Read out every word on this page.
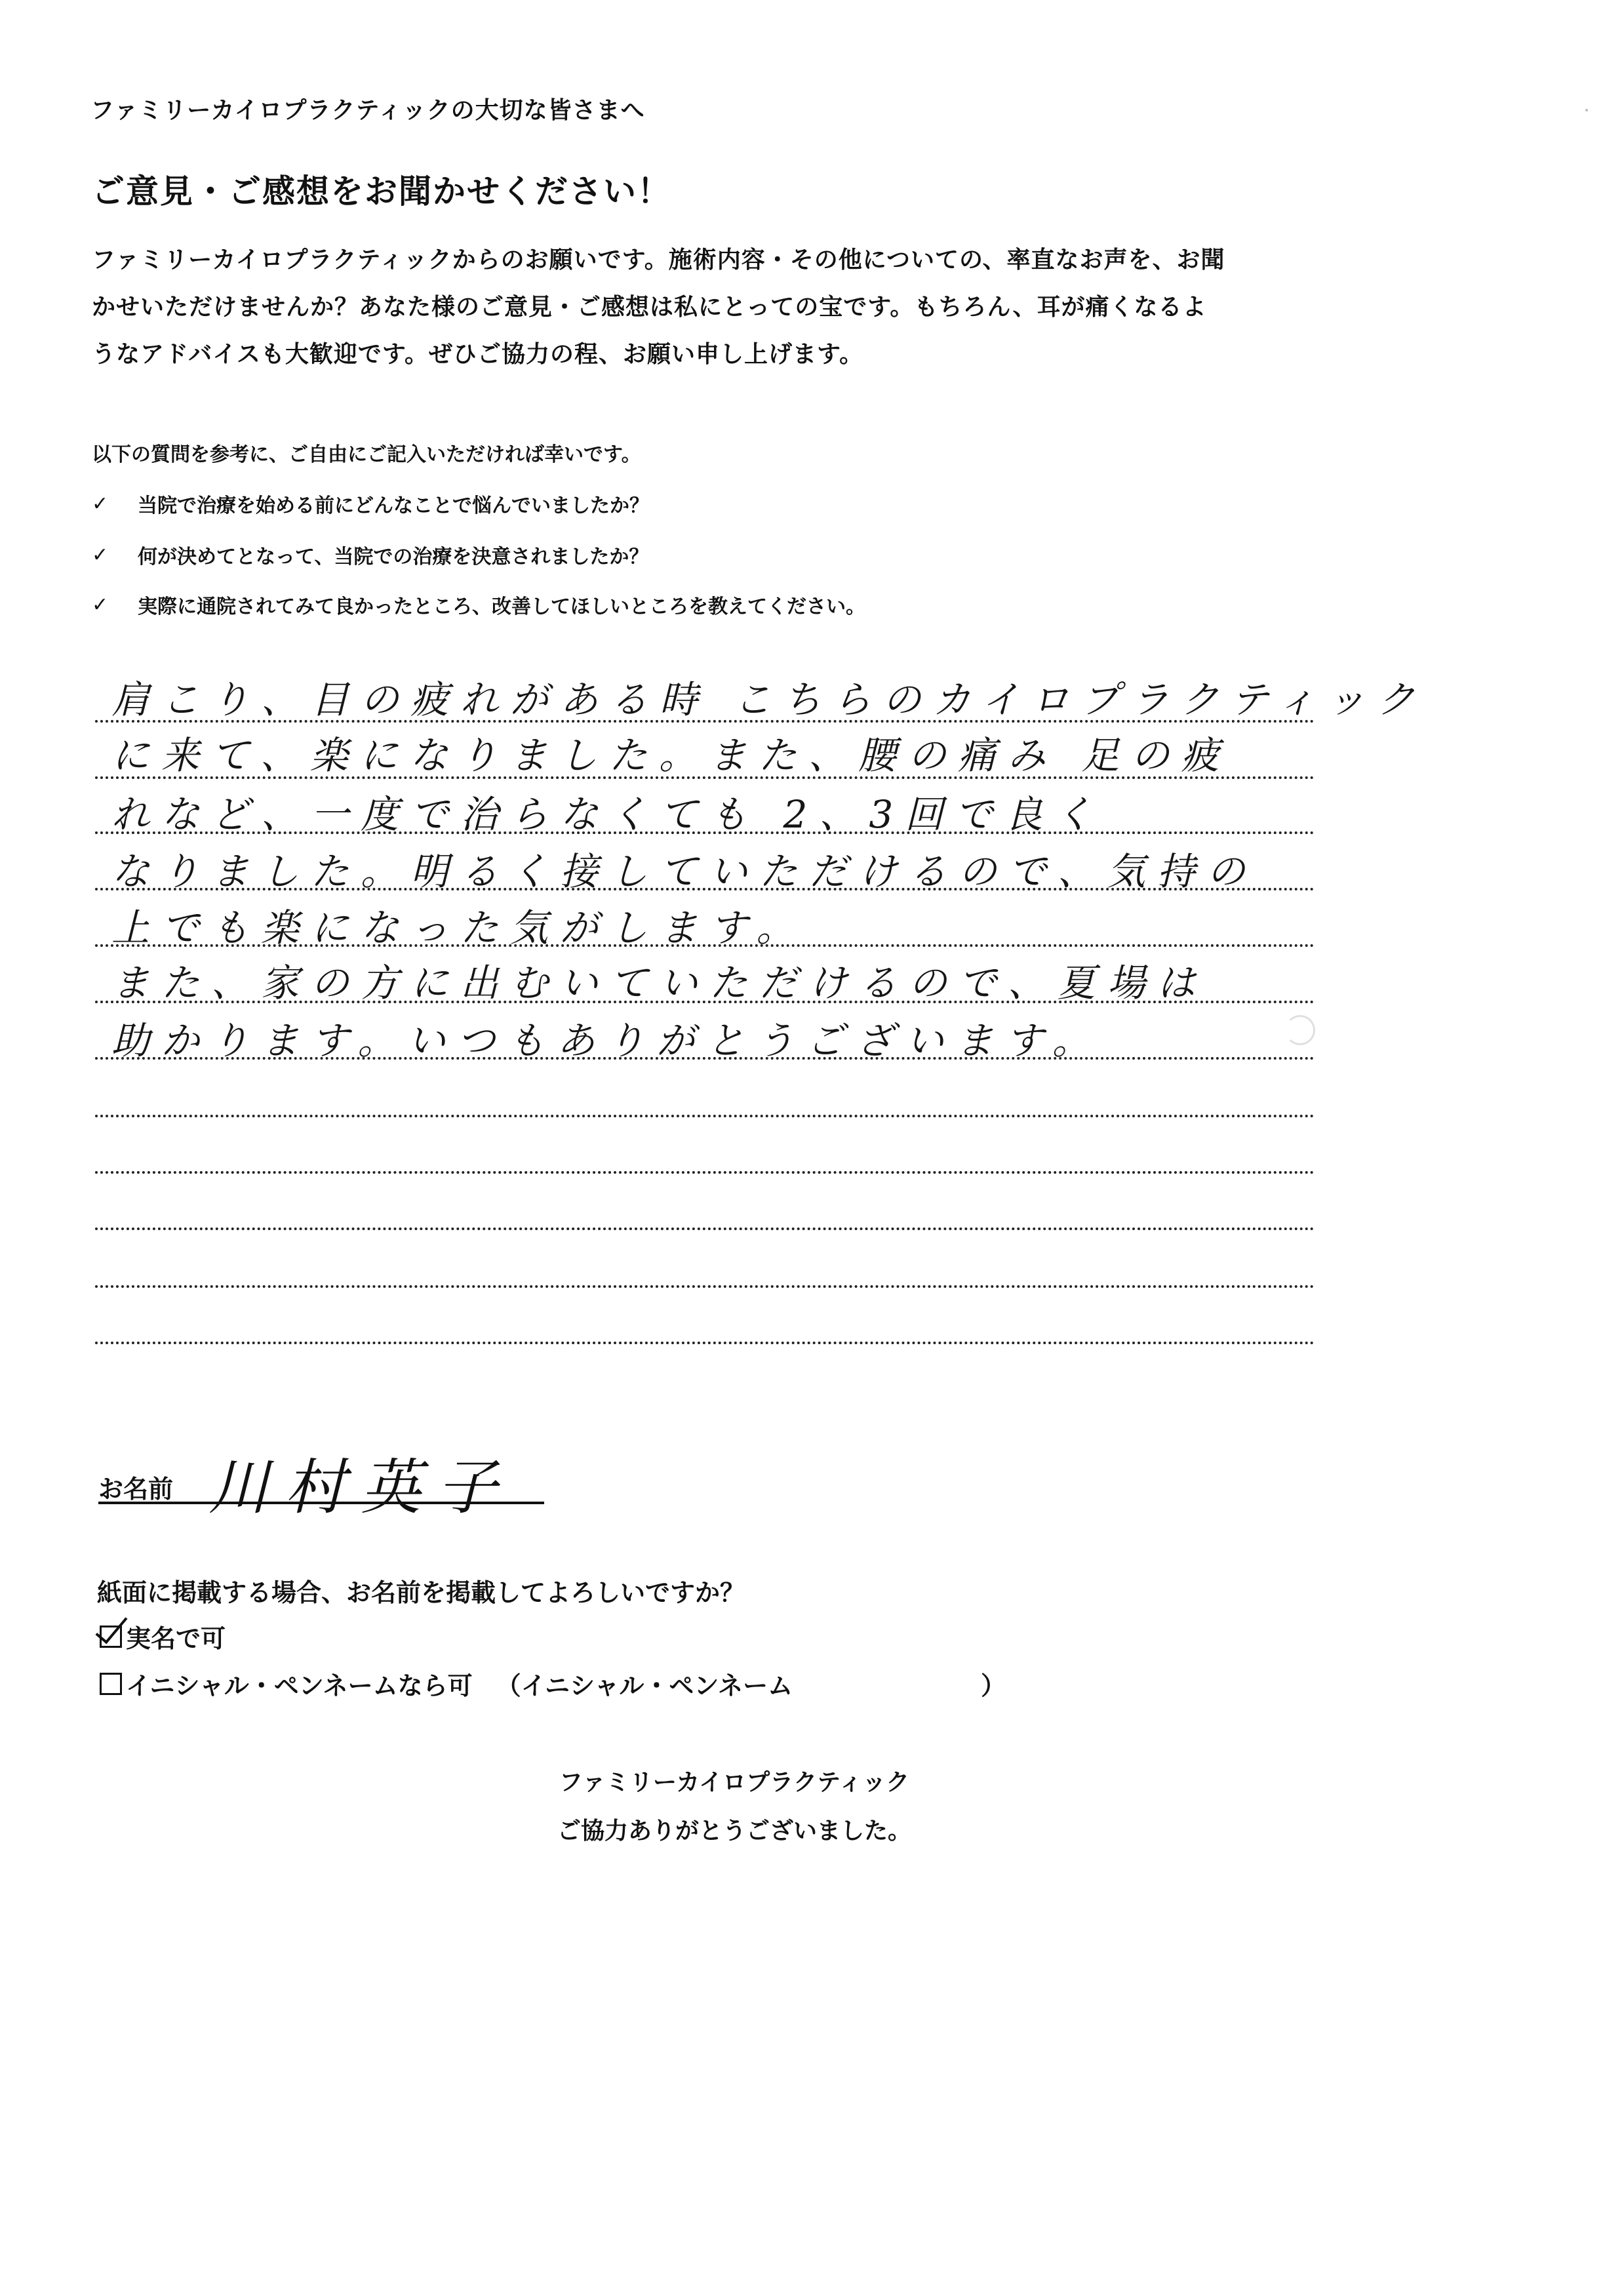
ファミリーカイロプラクティックの大切な皆さまへ
ご意見・ご感想をお聞かせください！
ファミリーカイロプラクティックからのお願いです。施術内容・その他についての、率直なお声を、お聞
かせいただけませんか？あなた様のご意見・ご感想は私にとっての宝です。もちろん、耳が痛くなるよ
うなアドバイスも大歓迎です。ぜひご協力の程、お願い申し上げます。
以下の質問を参考に、ご自由にご記入いただければ幸いです。
✓	当院で治療を始める前にどんなことで悩んでいましたか？
✓	何が決めてとなって、当院での治療を決意されましたか？
✓	実際に通院されてみて良かったところ、改善してほしいところを教えてください。
肩こり、目の疲れがある時 こちらのカイロプラクティック
に来て、楽になりました。また、腰の痛み 足の疲
れなど、一度で治らなくても 2、3回で良く
なりました。明るく接していただけるので、気持の
上でも楽になった気がします。
また、家の方に出むいていただけるので、夏場は
助かります。いつもありがとうございます。
お名前 川村英子
紙面に掲載する場合、お名前を掲載してよろしいですか？
実名で可
イニシャル・ペンネームなら可 （イニシャル・ペンネーム	）
ファミリーカイロプラクティック
ご協力ありがとうございました。
